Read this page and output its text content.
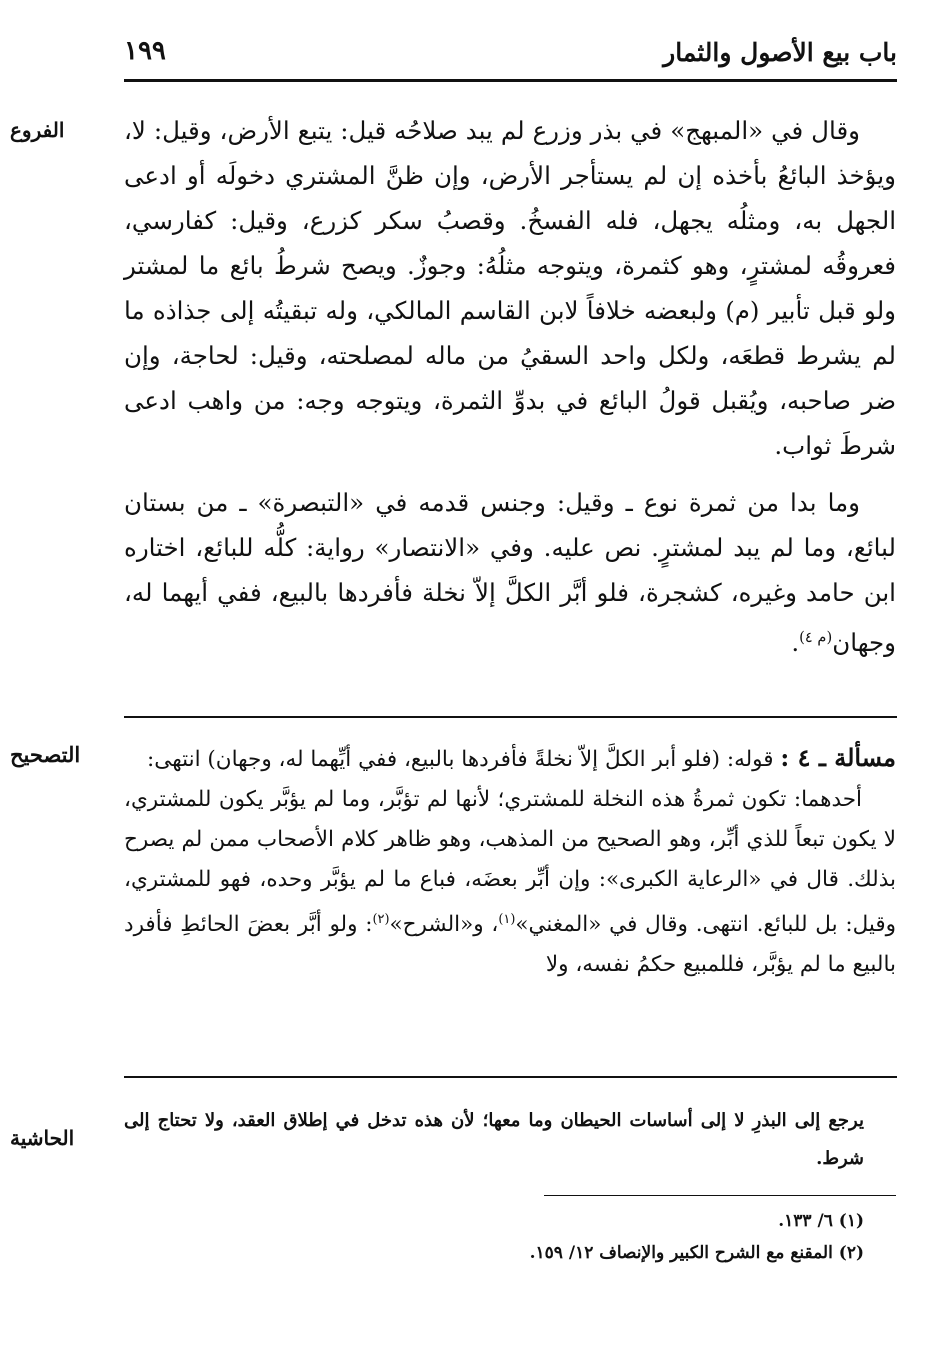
باب بيع الأصول والثمار
١٩٩
الفروع
التصحيح
الحاشية

وقال في «المبهج» في بذر وزرع لم يبد صلاحُه قيل: يتبع الأرض، وقيل: لا، ويؤخذ البائعُ بأخذه إن لم يستأجر الأرض، وإن ظنَّ المشتري دخولَه أو ادعى الجهل به، ومثلُه يجهل، فله الفسخُ. وقصبُ سكر كزرع، وقيل: كفارسي، فعروقُه لمشترٍ، وهو كثمرة، ويتوجه مثلُهُ: وجوزٌ. ويصح شرطُ بائع ما لمشتر ولو قبل تأبير (م) ولبعضه خلافاً لابن القاسم المالكي، وله تبقيتُه إلى جذاذه ما لم يشرط قطعَه، ولكل واحد السقيُ من ماله لمصلحته، وقيل: لحاجة، وإن ضر صاحبه، ويُقبل قولُ البائع في بدوِّ الثمرة، ويتوجه وجه: من واهب ادعى شرطَ ثواب.

وما بدا من ثمرة نوع ـ وقيل: وجنس قدمه في «التبصرة» ـ من بستان لبائع، وما لم يبد لمشترٍ. نص عليه. وفي «الانتصار» رواية: كلُّه للبائع، اختاره ابن حامد وغيره، كشجرة، فلو أبَّر الكلَّ إلاّ نخلة فأفردها بالبيع، ففي أيهما له، وجهان$^{(م ٤)}$.

مسألة ـ ٤ : قوله: (فلو أبر الكلَّ إلاّ نخلةً فأفردها بالبيع، ففي أيِّهما له، وجهان) انتهى:

أحدهما: تكون ثمرةُ هذه النخلة للمشتري؛ لأنها لم تؤبَّر، وما لم يؤبَّر يكون للمشتري، لا يكون تبعاً للذي أبِّر، وهو الصحيح من المذهب، وهو ظاهر كلام الأصحاب ممن لم يصرح بذلك. قال في «الرعاية الكبرى»: وإن أبِّر بعضَه، فباع ما لم يؤبَّر وحده، فهو للمشتري، وقيل: بل للبائع. انتهى. وقال في «المغني»$^{(١)}$، و«الشرح»$^{(٢)}$: ولو أبَّر بعضَ الحائطِ فأفرد بالبيع ما لم يؤبَّر، فللمبيع حكمُ نفسه، ولا

يرجع إلى البذرِ لا إلى أساسات الحيطان وما معها؛ لأن هذه تدخل في إطلاق العقد، ولا تحتاج إلى شرط.

(١) ٦/ ١٣٣.

(٢) المقنع مع الشرح الكبير والإنصاف ١٢/ ١٥٩.
